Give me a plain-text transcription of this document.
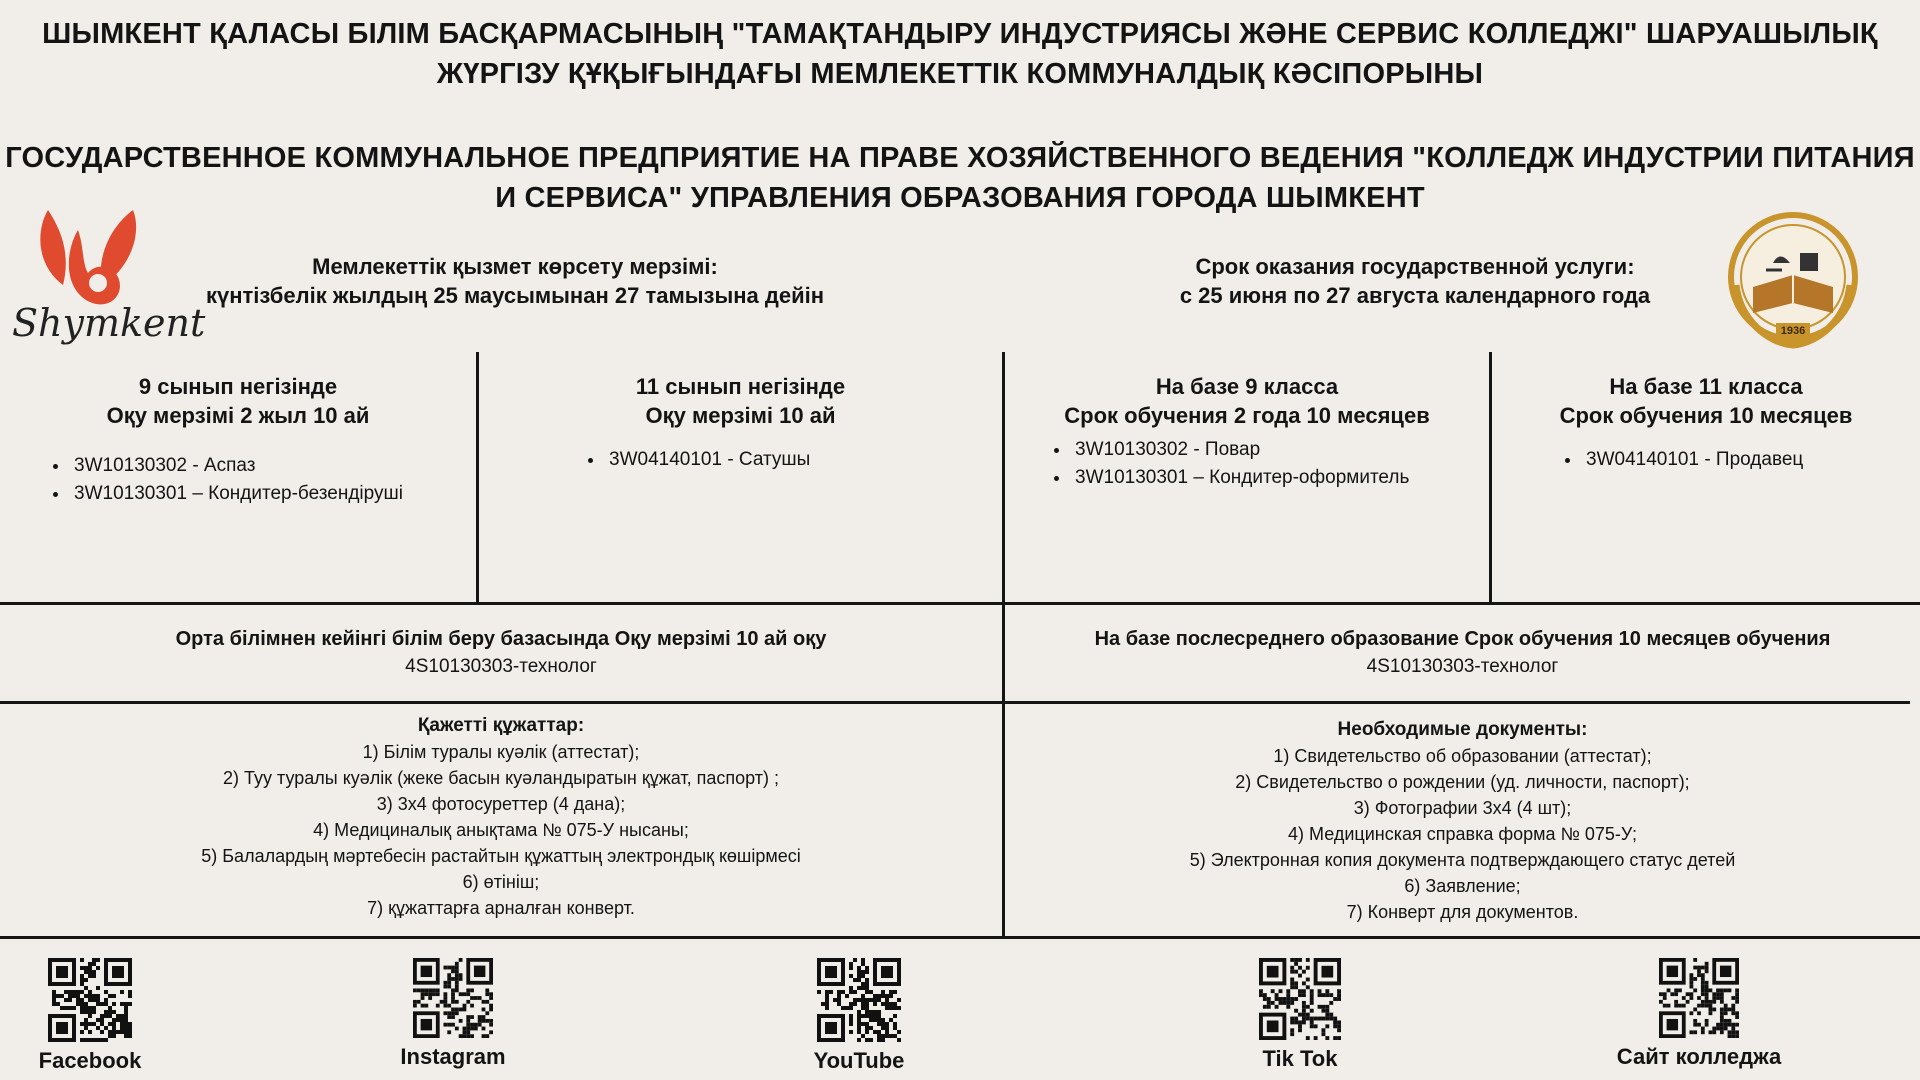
ШЫМКЕНТ ҚАЛАСЫ БІЛІМ БАСҚАРМАСЫНЫҢ "ТАМАҚТАНДЫРУ ИНДУСТРИЯСЫ ЖӘНЕ СЕРВИС КОЛЛЕДЖІ" ШАРУАШЫЛЫҚ
ЖҮРГІЗУ ҚҰҚЫҒЫНДАҒЫ МЕМЛЕКЕТТІК КОММУНАЛДЫҚ КӘСІПОРЫНЫ
ГОСУДАРСТВЕННОЕ КОММУНАЛЬНОЕ ПРЕДПРИЯТИЕ НА ПРАВЕ ХОЗЯЙСТВЕННОГО ВЕДЕНИЯ "КОЛЛЕДЖ ИНДУСТРИИ ПИТАНИЯ
И СЕРВИСА" УПРАВЛЕНИЯ ОБРАЗОВАНИЯ ГОРОДА ШЫМКЕНТ
Shymkent	1936
Мемлекеттік қызмет көрсету мерзімі:
күнтізбелік жылдың 25 маусымынан 27 тамызына дейін
Срок оказания государственной услуги:
с 25 июня по 27 августа календарного года
9 сынып негізінде
Оқу мерзімі 2 жыл 10 ай
• 3W10130302 - Аспаз
• 3W10130301 – Кондитер-безендіруші
11 сынып негізінде
Оқу мерзімі 10 ай
• 3W04140101 - Сатушы
На базе 9 класса
Срок обучения 2 года 10 месяцев
• 3W10130302 - Повар
• 3W10130301 – Кондитер-оформитель
На базе 11 класса
Срок обучения 10 месяцев
• 3W04140101 - Продавец
Орта білімнен кейінгі білім беру базасында Оқу мерзімі 10 ай оқу
4S10130303-технолог
На базе послесреднего образование Срок обучения 10 месяцев обучения
4S10130303-технолог
Қажетті құжаттар:
1) Білім туралы куәлік (аттестат);
2) Туу туралы куәлік (жеке басын куәландыратын құжат, паспорт) ;
3) 3х4 фотосуреттер (4 дана);
4) Медициналық анықтама № 075-У нысаны;
5) Балалардың мәртебесін растайтын құжаттың электрондық көшірмесі
6) өтініш;
7) құжаттарға арналған конверт.
Необходимые документы:
1) Свидетельство об образовании (аттестат);
2) Свидетельство о рождении (уд. личности, паспорт);
3) Фотографии 3х4 (4 шт);
4) Медицинская справка форма № 075-У;
5) Электронная копия документа подтверждающего статус детей
6) Заявление;
7) Конверт для документов.
Facebook	Instagram	YouTube	Tik Tok	Сайт колледжа
